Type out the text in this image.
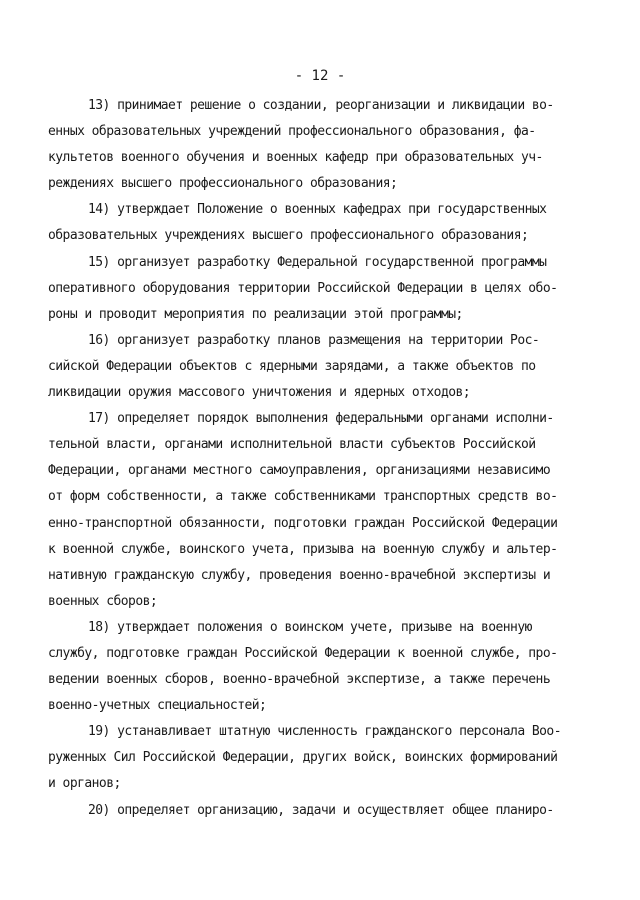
- 12 -
13) принимает решение о создании, реорганизации и ликвидации во-
енных образовательных учреждений профессионального образования, фа-
культетов военного обучения и военных кафедр при образовательных уч-
реждениях высшего профессионального образования;
14) утверждает Положение о военных кафедрах при государственных
образовательных учреждениях высшего профессионального образования;
15) организует разработку Федеральной государственной программы
оперативного оборудования территории Российской Федерации в целях обо-
роны и проводит мероприятия по реализации этой программы;
16) организует разработку планов размещения на территории Рос-
сийской Федерации объектов с ядерными зарядами, а также объектов по
ликвидации оружия массового уничтожения и ядерных отходов;
17) определяет порядок выполнения федеральными органами исполни-
тельной власти, органами исполнительной власти субъектов Российской
Федерации, органами местного самоуправления, организациями независимо
от форм собственности, а также собственниками транспортных средств во-
енно-транспортной обязанности, подготовки граждан Российской Федерации
к военной службе, воинского учета, призыва на военную службу и альтер-
нативную гражданскую службу, проведения военно-врачебной экспертизы и
военных сборов;
18) утверждает положения о воинском учете, призыве на военную
службу, подготовке граждан Российской Федерации к военной службе, про-
ведении военных сборов, военно-врачебной экспертизе, а также перечень
военно-учетных специальностей;
19) устанавливает штатную численность гражданского персонала Воо-
руженных Сил Российской Федерации, других войск, воинских формирований
и органов;
20) определяет организацию, задачи и осуществляет общее планиро-
